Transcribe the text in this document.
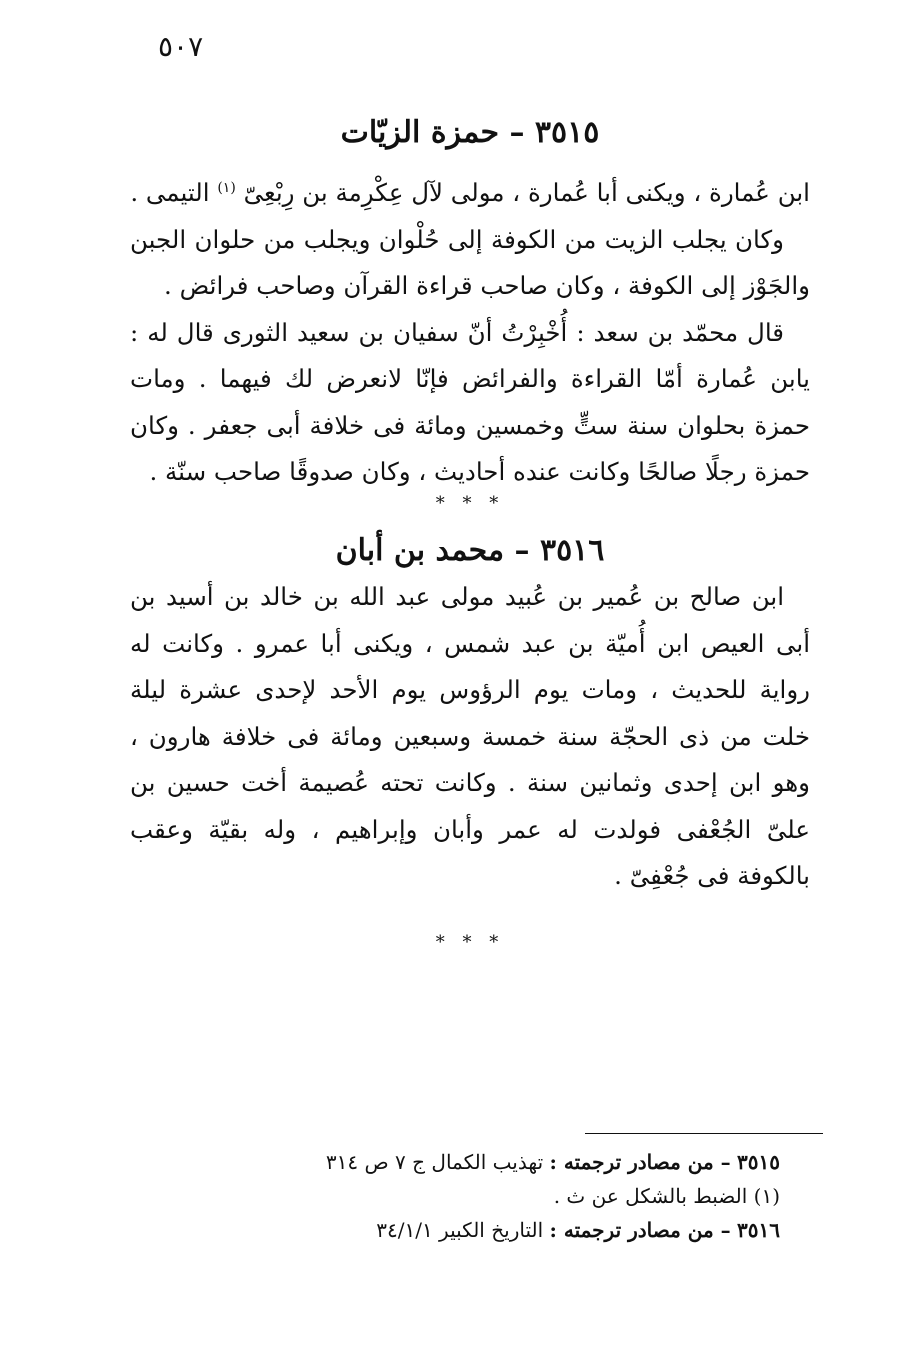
٥٠٧
٣٥١٥ – حمزة الزيّات

ابن عُمارة ، ويكنى أبا عُمارة ، مولى لآل عِكْرِمة بن رِبْعِىّ $^{(١)}$ التيمى .

وكان يجلب الزيت من الكوفة إلى حُلْوان ويجلب من حلوان الجبن والجَوْز إلى الكوفة ، وكان صاحب قراءة القرآن وصاحب فرائض .

قال محمّد بن سعد : أُخْبِرْتُ أنّ سفيان بن سعيد الثورى قال له : يابن عُمارة أمّا القراءة والفرائض فإنّا لانعرض لك فيهما . ومات حمزة بحلوان سنة ستٍّ وخمسين ومائة فى خلافة أبى جعفر . وكان حمزة رجلًا صالحًا وكانت عنده أحاديث ، وكان صدوقًا صاحب سنّة .

* * *
٣٥١٦ – محمد بن أبان

ابن صالح بن عُمير بن عُبيد مولى عبد الله بن خالد بن أسيد بن أبى العيص ابن أُميّة بن عبد شمس ، ويكنى أبا عمرو . وكانت له رواية للحديث ، ومات يوم الرؤوس يوم الأحد لإحدى عشرة ليلة خلت من ذى الحجّة سنة خمسة وسبعين ومائة فى خلافة هارون ، وهو ابن إحدى وثمانين سنة . وكانت تحته عُصيمة أخت حسين بن علىّ الجُعْفى فولدت له عمر وأبان وإبراهيم ، وله بقيّة وعقب بالكوفة فى جُعْفِىّ .

* * *
٣٥١٥ – من مصادر ترجمته : تهذيب الكمال ج ٧ ص ٣١٤
(١) الضبط بالشكل عن ث .
٣٥١٦ – من مصادر ترجمته : التاريخ الكبير ٣٤/١/١
